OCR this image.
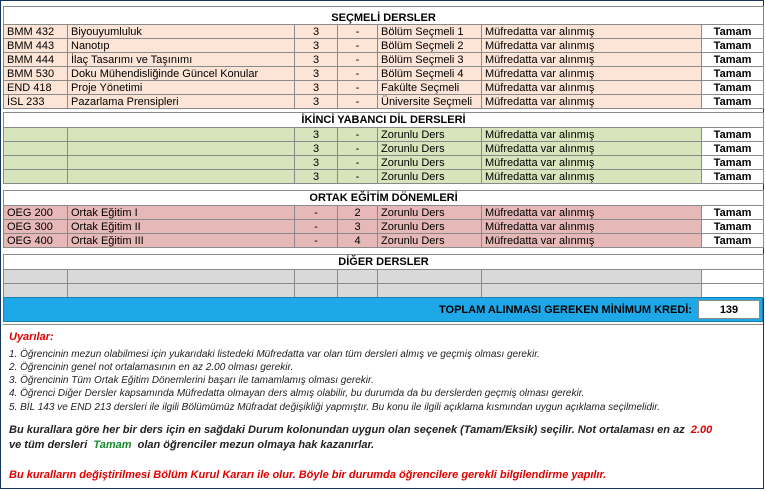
SEÇMELİ DERSLER						
BMM 432	Biyouyumluluk	3	-	Bölüm Seçmeli 1	Müfredatta var alınmış	Tamam
BMM 443	Nanotıp	3	-	Bölüm Seçmeli 2	Müfredatta var alınmış	Tamam
BMM 444	İlaç Tasarımı ve Taşınımı	3	-	Bölüm Seçmeli 3	Müfredatta var alınmış	Tamam
BMM 530	Doku Mühendisliğinde Güncel Konular	3	-	Bölüm Seçmeli 4	Müfredatta var alınmış	Tamam
END 418	Proje Yönetimi	3	-	Fakülte Seçmeli	Müfredatta var alınmış	Tamam
İSL 233	Pazarlama Prensipleri	3	-	Üniversite Seçmeli	Müfredatta var alınmış	Tamam
İKİNCİ YABANCI DİL DERSLERİ						
		3	-	Zorunlu Ders	Müfredatta var alınmış	Tamam
		3	-	Zorunlu Ders	Müfredatta var alınmış	Tamam
		3	-	Zorunlu Ders	Müfredatta var alınmış	Tamam
		3	-	Zorunlu Ders	Müfredatta var alınmış	Tamam
ORTAK EĞİTİM DÖNEMLERİ						
OEG 200	Ortak Eğitim I	-	2	Zorunlu Ders	Müfredatta var alınmış	Tamam
OEG 300	Ortak Eğitim II	-	3	Zorunlu Ders	Müfredatta var alınmış	Tamam
OEG 400	Ortak Eğitim III	-	4	Zorunlu Ders	Müfredatta var alınmış	Tamam
DİĞER DERSLER						

TOPLAM ALINMASI GEREKEN MİNİMUM KREDİ:	139
Uyarılar:
1. Öğrencinin mezun olabilmesi için yukarıdaki listedeki Müfredatta var olan tüm dersleri almış ve geçmiş olması gerekir.
2. Öğrencinin genel not ortalamasının en az 2.00 olması gerekir.
3. Öğrencinin Tüm Ortak Eğitim Dönemlerini başarı ile tamamlamış olması gerekir.
4. Öğrenci Diğer Dersler kapsamında Müfredatta olmayan ders almış olabilir, bu durumda da bu derslerden geçmiş olması gerekir.
5. BİL 143 ve END 213 dersleri ile ilgili Bölümümüz Müfradat değişikliği yapmıştır. Bu konu ile ilgili açıklama kısmından uygun açıklama seçilmelidir.
Bu kurallara göre her bir ders için en sağdaki Durum kolonundan uygun olan seçenek (Tamam/Eksik) seçilir. Not ortalaması en az 2.00
ve tüm dersleri Tamam olan öğrenciler mezun olmaya hak kazanırlar.
Bu kuralların değiştirilmesi Bölüm Kurul Kararı ile olur. Böyle bir durumda öğrencilere gerekli bilgilendirme yapılır.
